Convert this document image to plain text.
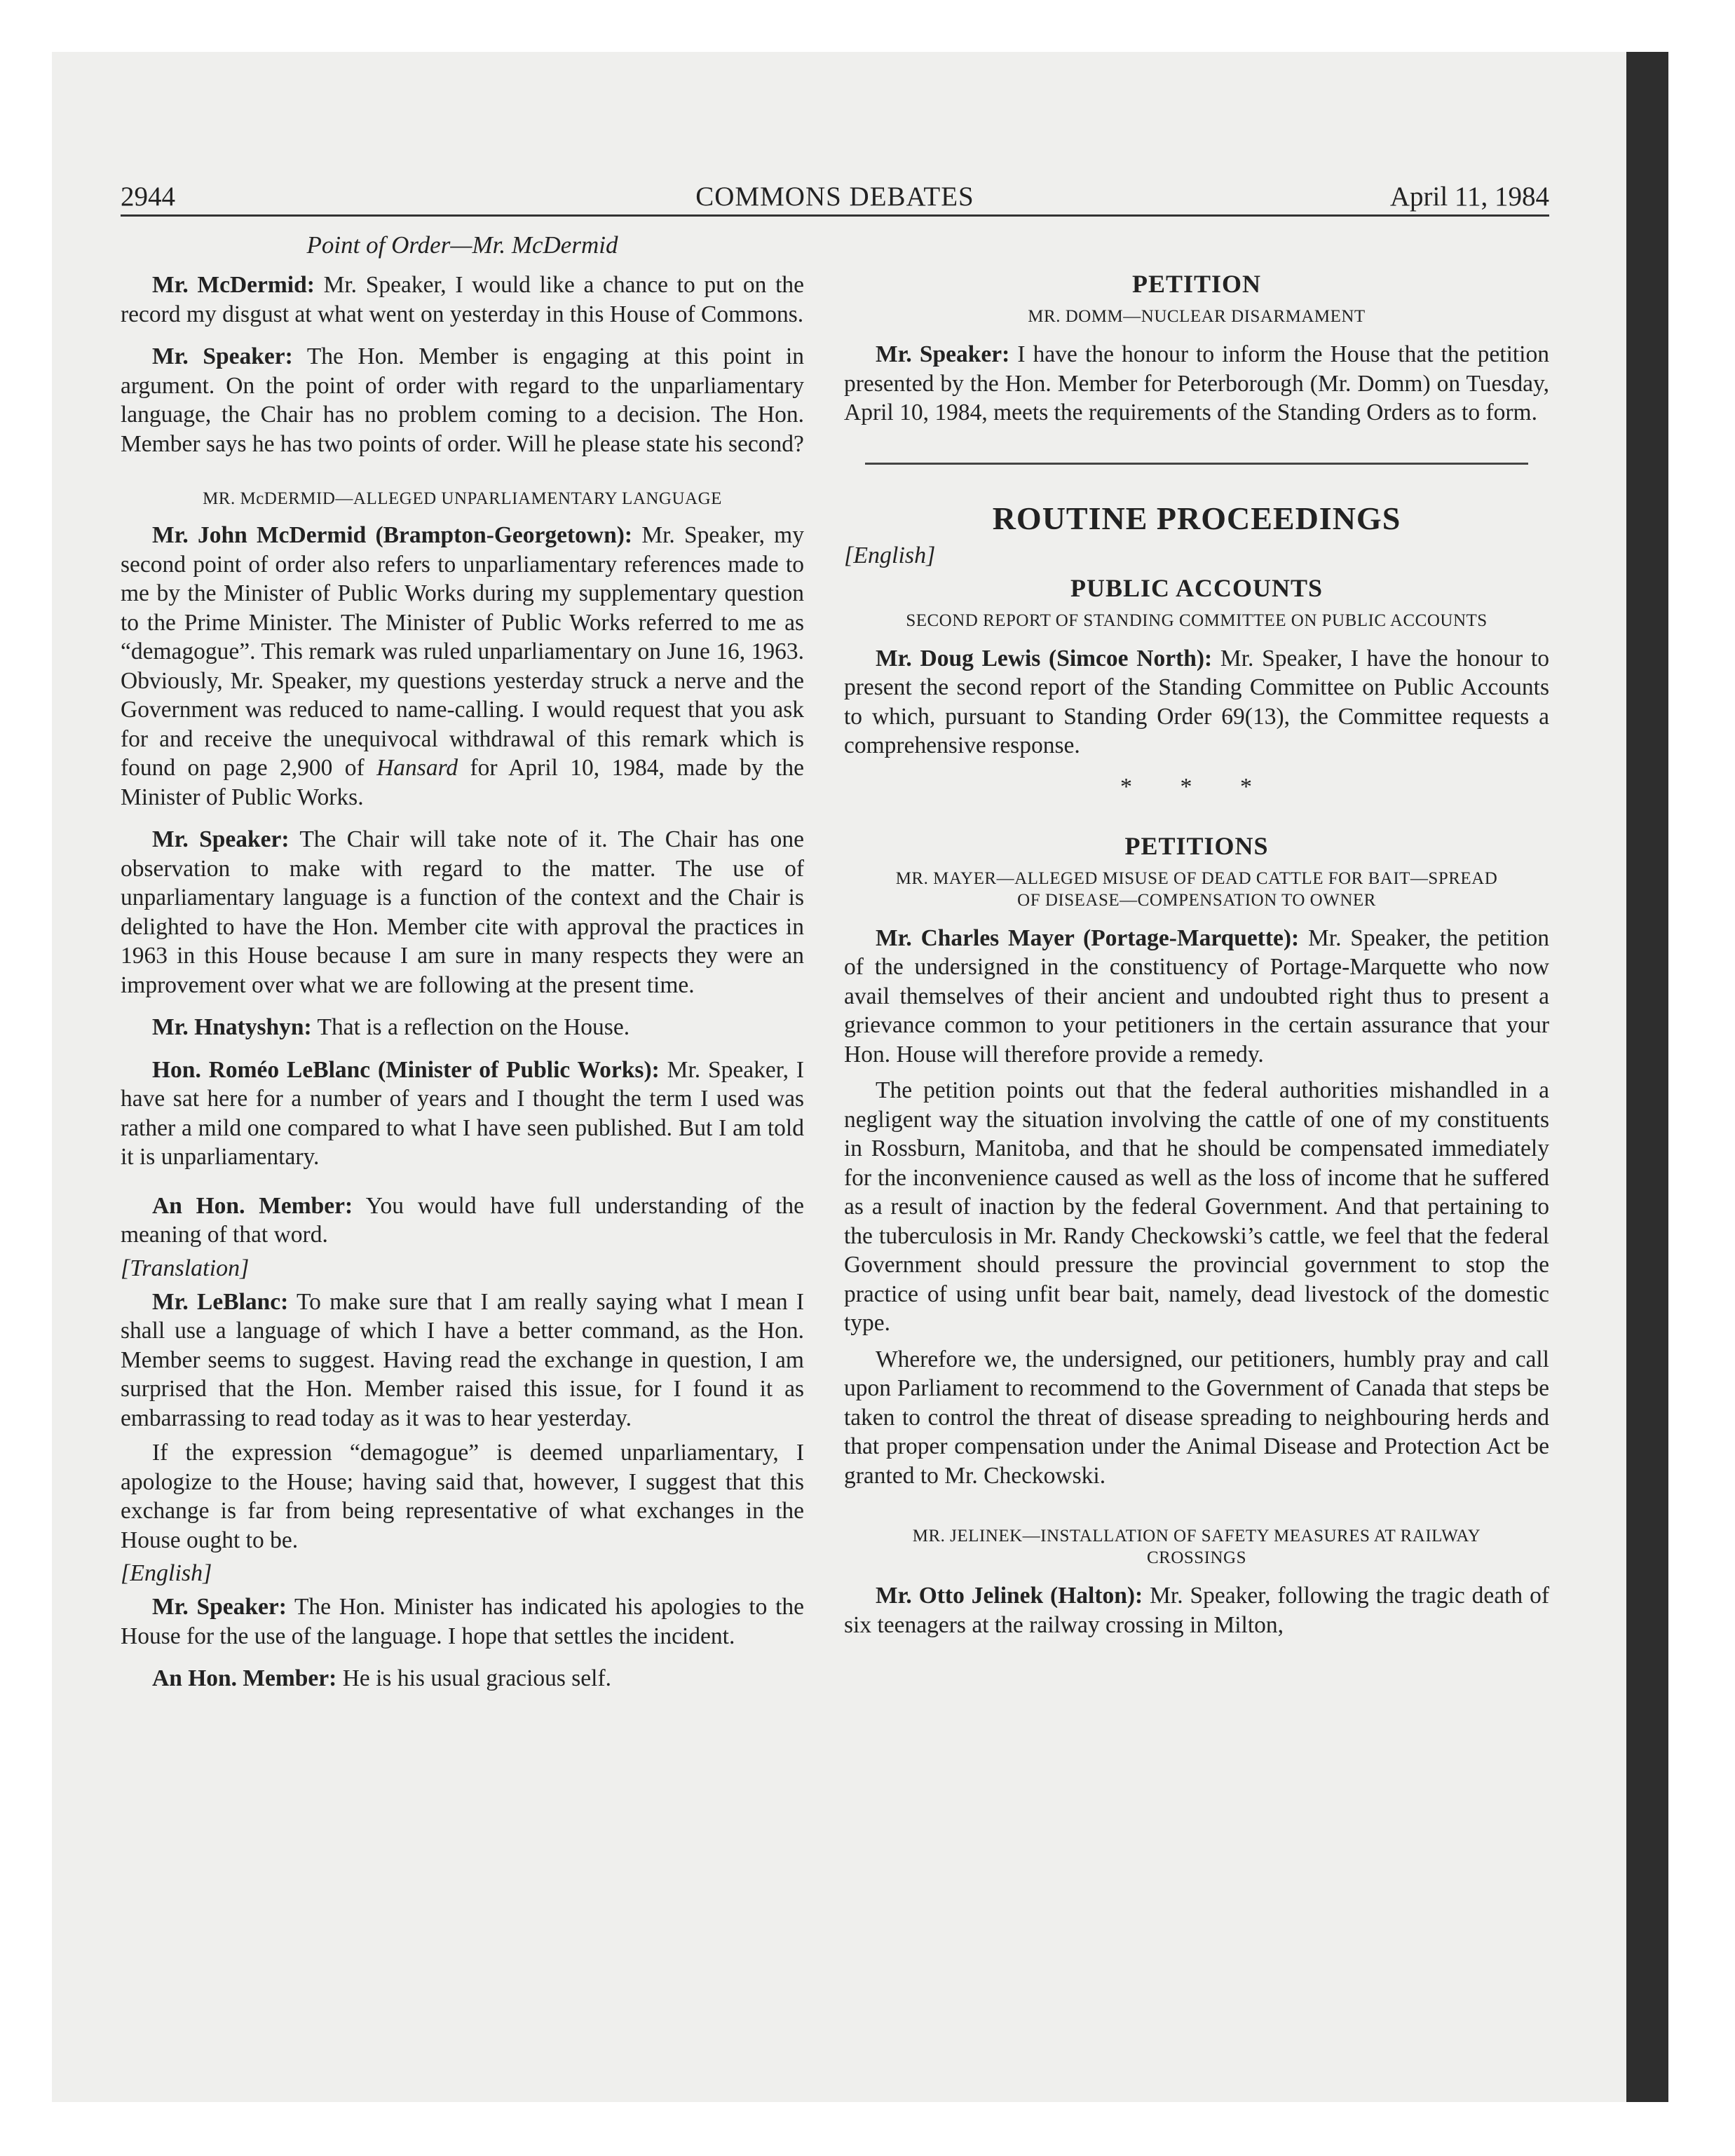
2944	COMMONS DEBATES	April 11, 1984
Point of Order—Mr. McDermid

Mr. McDermid: Mr. Speaker, I would like a chance to put on the record my disgust at what went on yesterday in this House of Commons.

Mr. Speaker: The Hon. Member is engaging at this point in argument. On the point of order with regard to the unparliamentary language, the Chair has no problem coming to a decision. The Hon. Member says he has two points of order. Will he please state his second?

MR. McDERMID—ALLEGED UNPARLIAMENTARY LANGUAGE

Mr. John McDermid (Brampton-Georgetown): Mr. Speaker, my second point of order also refers to unparliamentary references made to me by the Minister of Public Works during my supplementary question to the Prime Minister. The Minister of Public Works referred to me as “demagogue”. This remark was ruled unparliamentary on June 16, 1963. Obviously, Mr. Speaker, my questions yesterday struck a nerve and the Government was reduced to name-calling. I would request that you ask for and receive the unequivocal withdrawal of this remark which is found on page 2,900 of Hansard for April 10, 1984, made by the Minister of Public Works.

Mr. Speaker: The Chair will take note of it. The Chair has one observation to make with regard to the matter. The use of unparliamentary language is a function of the context and the Chair is delighted to have the Hon. Member cite with approval the practices in 1963 in this House because I am sure in many respects they were an improvement over what we are following at the present time.

Mr. Hnatyshyn: That is a reflection on the House.

Hon. Roméo LeBlanc (Minister of Public Works): Mr. Speaker, I have sat here for a number of years and I thought the term I used was rather a mild one compared to what I have seen published. But I am told it is unparliamentary.

An Hon. Member: You would have full understanding of the meaning of that word.

[Translation]

Mr. LeBlanc: To make sure that I am really saying what I mean I shall use a language of which I have a better command, as the Hon. Member seems to suggest. Having read the exchange in question, I am surprised that the Hon. Member raised this issue, for I found it as embarrassing to read today as it was to hear yesterday.

If the expression “demagogue” is deemed unparliamentary, I apologize to the House; having said that, however, I suggest that this exchange is far from being representative of what exchanges in the House ought to be.

[English]

Mr. Speaker: The Hon. Minister has indicated his apologies to the House for the use of the language. I hope that settles the incident.

An Hon. Member: He is his usual gracious self.

PETITION
MR. DOMM—NUCLEAR DISARMAMENT

Mr. Speaker: I have the honour to inform the House that the petition presented by the Hon. Member for Peterborough (Mr. Domm) on Tuesday, April 10, 1984, meets the requirements of the Standing Orders as to form.

ROUTINE PROCEEDINGS
[English]
PUBLIC ACCOUNTS
SECOND REPORT OF STANDING COMMITTEE ON PUBLIC ACCOUNTS

Mr. Doug Lewis (Simcoe North): Mr. Speaker, I have the honour to present the second report of the Standing Committee on Public Accounts to which, pursuant to Standing Order 69(13), the Committee requests a comprehensive response.

* * *
PETITIONS
MR. MAYER—ALLEGED MISUSE OF DEAD CATTLE FOR BAIT—SPREAD OF DISEASE—COMPENSATION TO OWNER

Mr. Charles Mayer (Portage-Marquette): Mr. Speaker, the petition of the undersigned in the constituency of Portage-Marquette who now avail themselves of their ancient and undoubted right thus to present a grievance common to your petitioners in the certain assurance that your Hon. House will therefore provide a remedy.

The petition points out that the federal authorities mishandled in a negligent way the situation involving the cattle of one of my constituents in Rossburn, Manitoba, and that he should be compensated immediately for the inconvenience caused as well as the loss of income that he suffered as a result of inaction by the federal Government. And that pertaining to the tuberculosis in Mr. Randy Checkowski’s cattle, we feel that the federal Government should pressure the provincial government to stop the practice of using unfit bear bait, namely, dead livestock of the domestic type.

Wherefore we, the undersigned, our petitioners, humbly pray and call upon Parliament to recommend to the Government of Canada that steps be taken to control the threat of disease spreading to neighbouring herds and that proper compensation under the Animal Disease and Protection Act be granted to Mr. Checkowski.

MR. JELINEK—INSTALLATION OF SAFETY MEASURES AT RAILWAY CROSSINGS

Mr. Otto Jelinek (Halton): Mr. Speaker, following the tragic death of six teenagers at the railway crossing in Milton,
